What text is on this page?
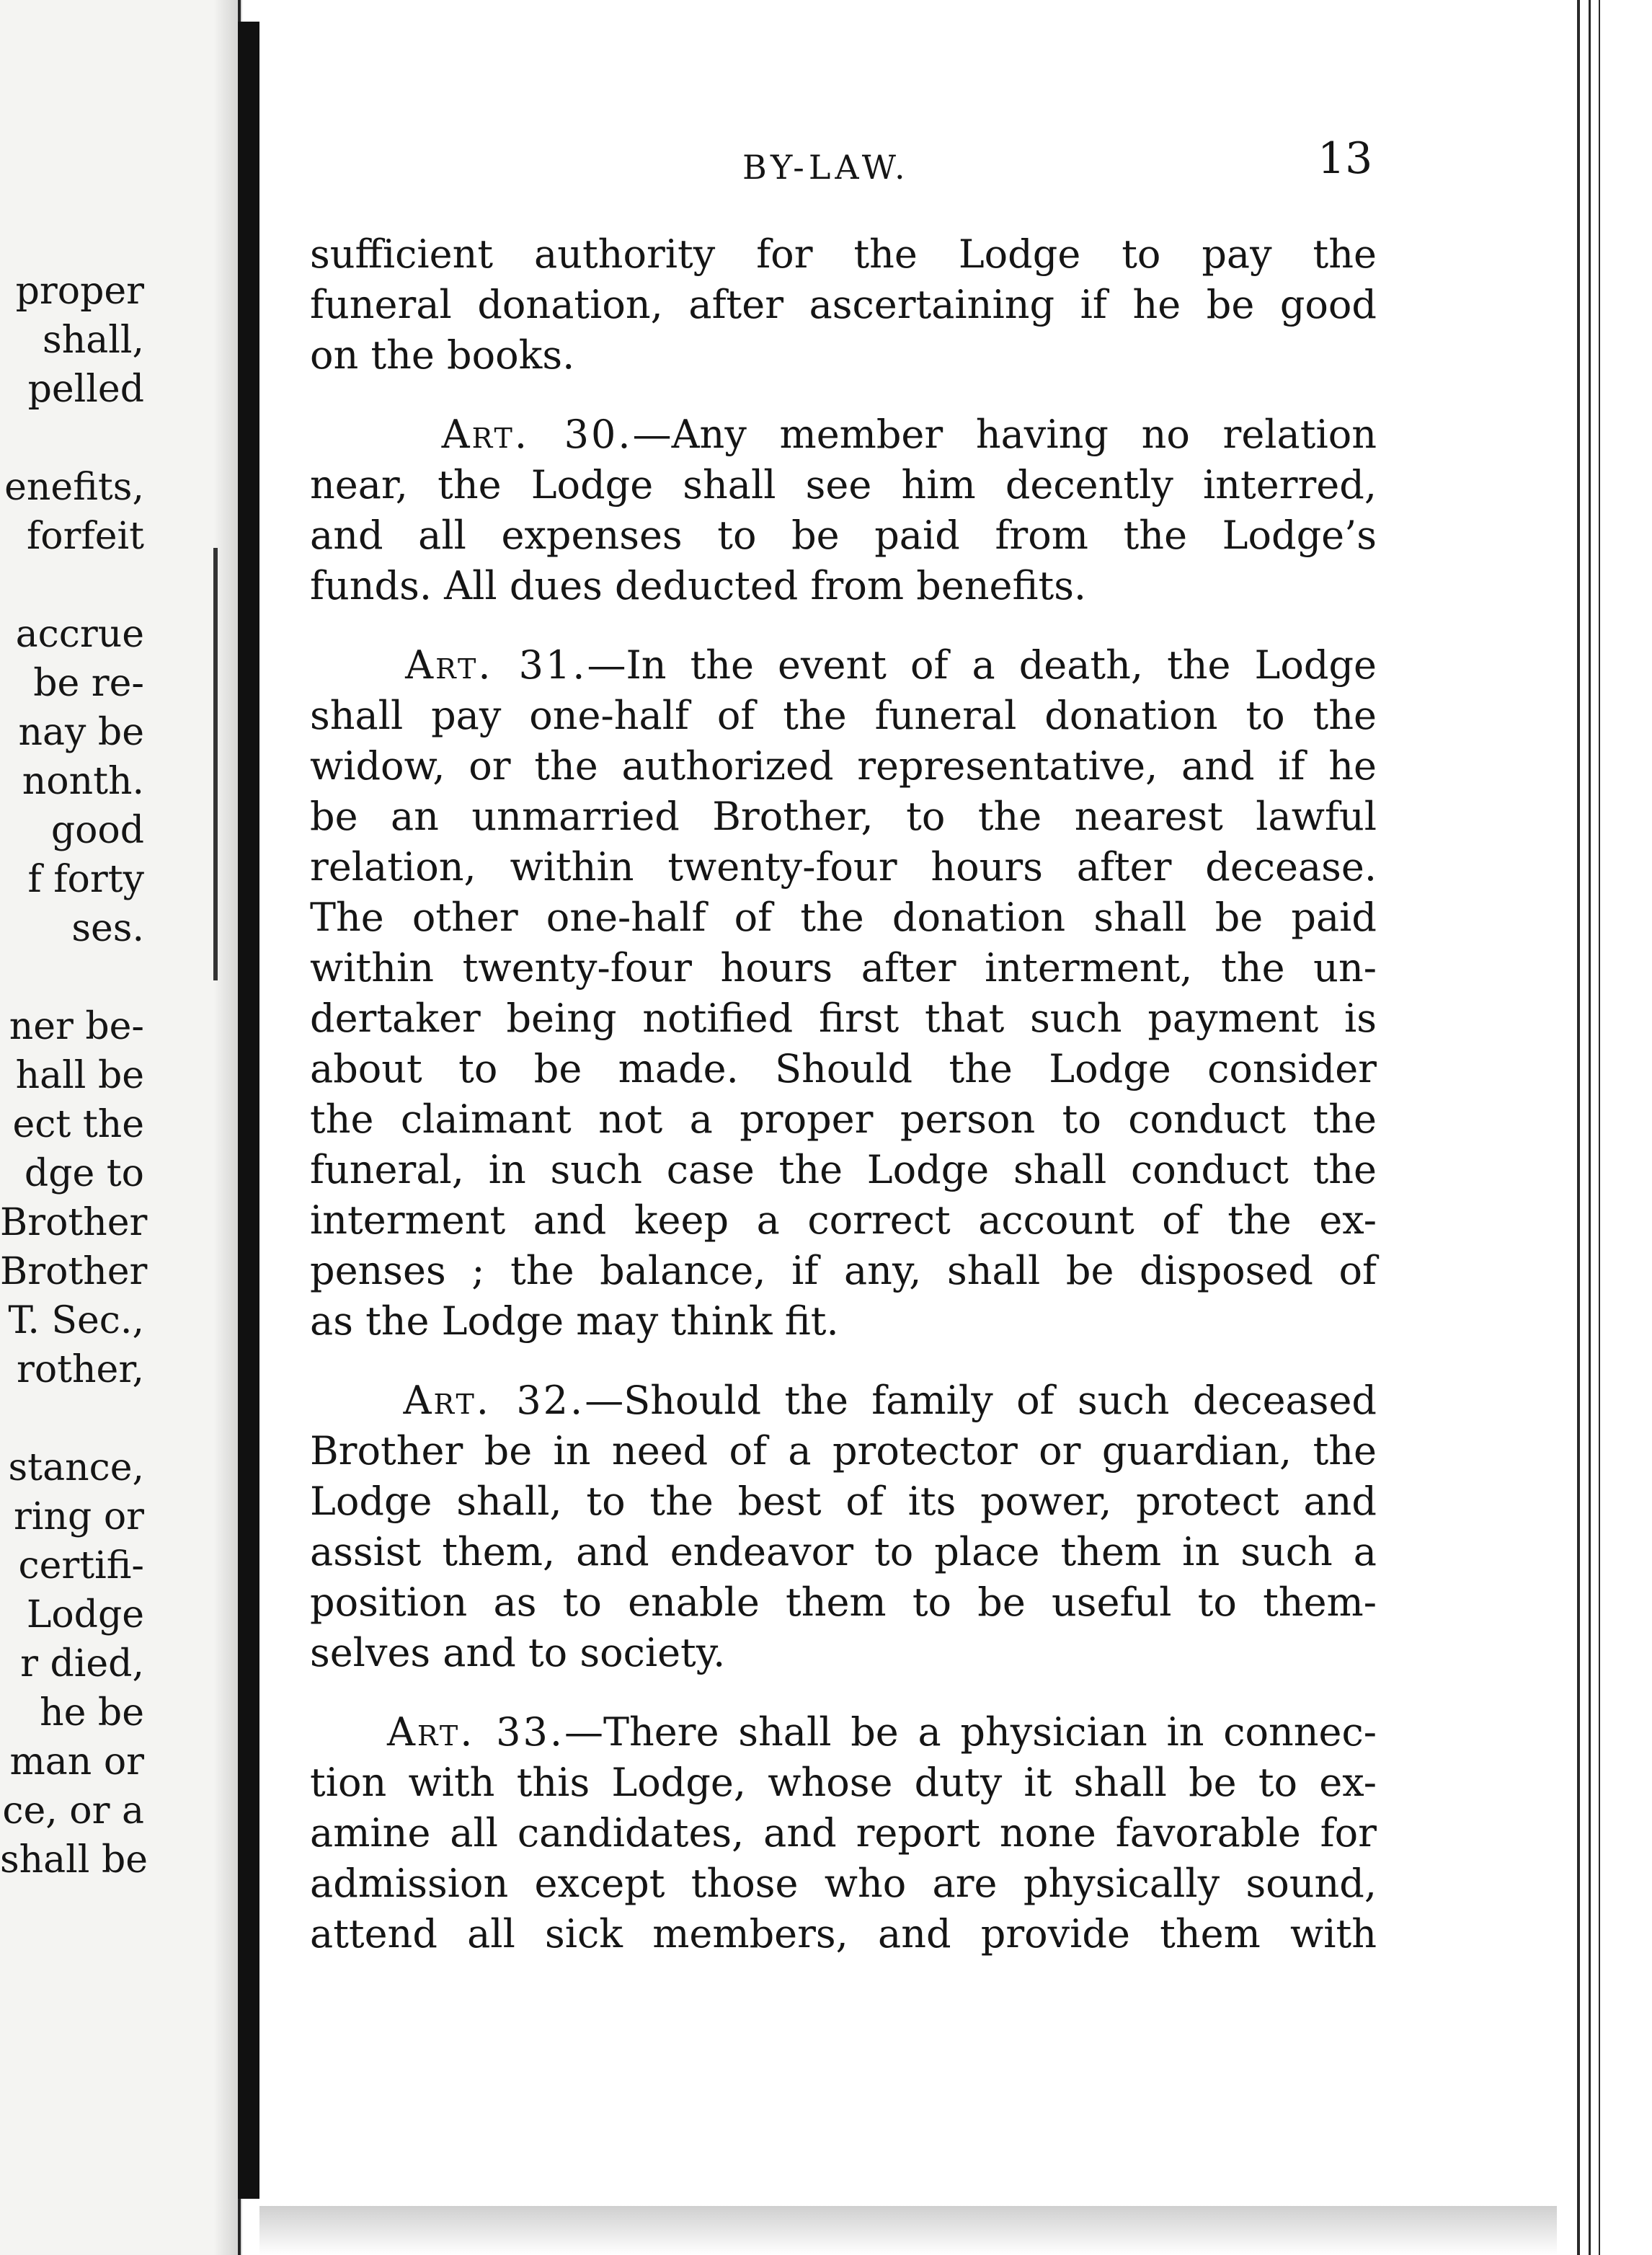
proper
shall,
pelled

enefits,
forfeit

accrue
be re-
nay be
nonth.
good
f forty
ses.

ner be-
hall be
ect the
dge to
Brother
Brother
T. Sec.,
rother,

stance,
ring or
certifi-
Lodge
r died,
he be
man or
ce, or a
shall be
BY-LAW.	13
sufficient authority for the Lodge to pay the
funeral donation, after ascertaining if he be good
on the books.
Art. 30.—Any member having no relation
near, the Lodge shall see him decently interred,
and all expenses to be paid from the Lodge’s
funds. All dues deducted from benefits.
Art. 31.—In the event of a death, the Lodge
shall pay one-half of the funeral donation to the
widow, or the authorized representative, and if he
be an unmarried Brother, to the nearest lawful
relation, within twenty-four hours after decease.
The other one-half of the donation shall be paid
within twenty-four hours after interment, the un-
dertaker being notified first that such payment is
about to be made. Should the Lodge consider
the claimant not a proper person to conduct the
funeral, in such case the Lodge shall conduct the
interment and keep a correct account of the ex-
penses ; the balance, if any, shall be disposed of
as the Lodge may think fit.
Art. 32.—Should the family of such deceased
Brother be in need of a protector or guardian, the
Lodge shall, to the best of its power, protect and
assist them, and endeavor to place them in such a
position as to enable them to be useful to them-
selves and to society.
Art. 33.—There shall be a physician in connec-
tion with this Lodge, whose duty it shall be to ex-
amine all candidates, and report none favorable for
admission except those who are physically sound,
attend all sick members, and provide them with
